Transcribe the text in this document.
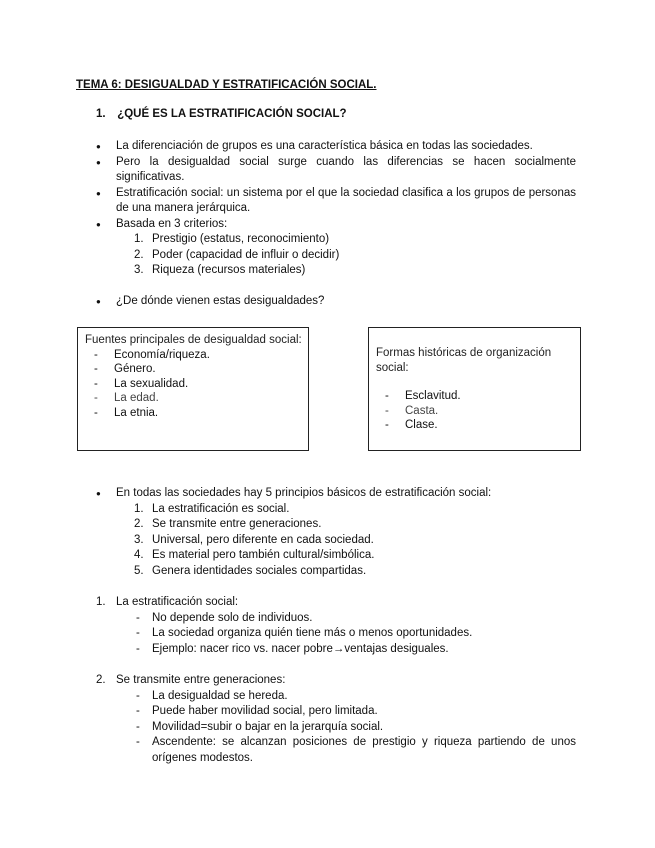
TEMA 6: DESIGUALDAD Y ESTRATIFICACIÓN SOCIAL.
1. ¿QUÉ ES LA ESTRATIFICACIÓN SOCIAL?
● La diferenciación de grupos es una característica básica en todas las sociedades.
● Pero la desigualdad social surge cuando las diferencias se hacen socialmente significativas.
● Estratificación social: un sistema por el que la sociedad clasifica a los grupos de personas de una manera jerárquica.
● Basada en 3 criterios:
1. Prestigio (estatus, reconocimiento)
2. Poder (capacidad de influir o decidir)
3. Riqueza (recursos materiales)
● ¿De dónde vienen estas desigualdades?
Fuentes principales de desigualdad social:
- Economía/riqueza.
- Género.
- La sexualidad.
- La edad.
- La etnia.
Formas históricas de organización social:
- Esclavitud.
- Casta.
- Clase.
● En todas las sociedades hay 5 principios básicos de estratificación social:
1. La estratificación es social.
2. Se transmite entre generaciones.
3. Universal, pero diferente en cada sociedad.
4. Es material pero también cultural/simbólica.
5. Genera identidades sociales compartidas.
1. La estratificación social:
- No depende solo de individuos.
- La sociedad organiza quién tiene más o menos oportunidades.
- Ejemplo: nacer rico vs. nacer pobre→ventajas desiguales.
2. Se transmite entre generaciones:
- La desigualdad se hereda.
- Puede haber movilidad social, pero limitada.
- Movilidad=subir o bajar en la jerarquía social.
- Ascendente: se alcanzan posiciones de prestigio y riqueza partiendo de unos orígenes modestos.
